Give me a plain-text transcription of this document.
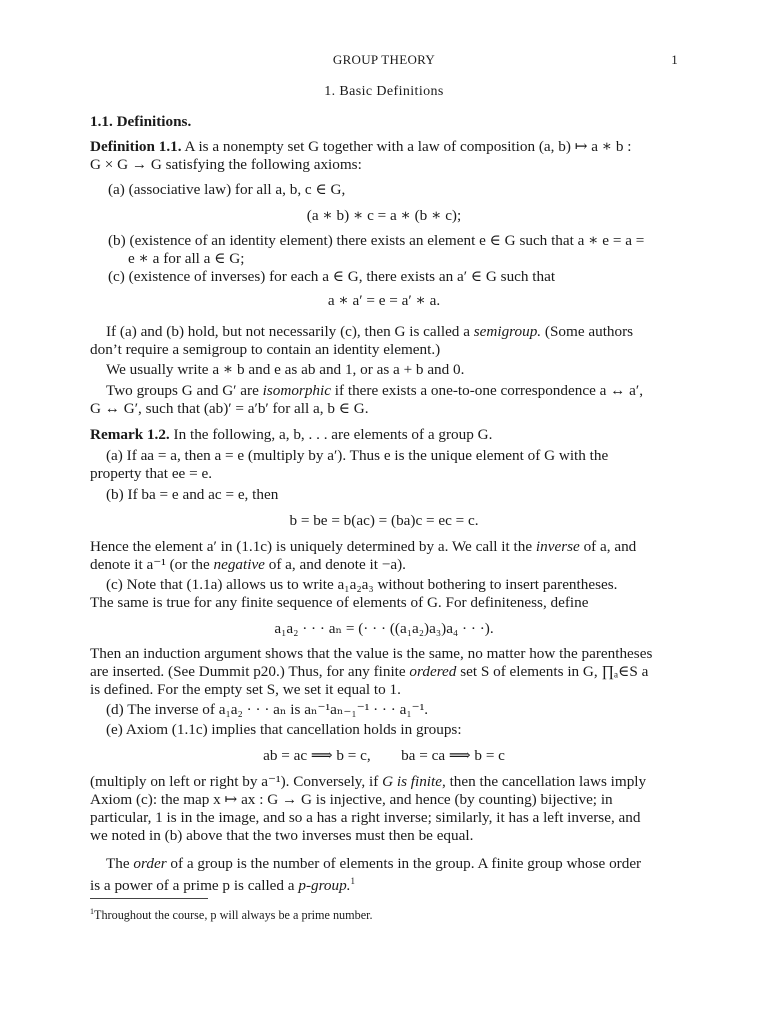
GROUP THEORY	1
1. Basic Definitions
1.1. Definitions.
Definition 1.1. A is a nonempty set G together with a law of composition (a, b) ↦ a ∗ b :
G × G → G satisfying the following axioms:
(a) (associative law) for all a, b, c ∈ G,
(a ∗ b) ∗ c = a ∗ (b ∗ c);
(b) (existence of an identity element) there exists an element e ∈ G such that a ∗ e = a =
e ∗ a for all a ∈ G;
(c) (existence of inverses) for each a ∈ G, there exists an a′ ∈ G such that
a ∗ a′ = e = a′ ∗ a.
If (a) and (b) hold, but not necessarily (c), then G is called a semigroup. (Some authors
don’t require a semigroup to contain an identity element.)
We usually write a ∗ b and e as ab and 1, or as a + b and 0.
Two groups G and G′ are isomorphic if there exists a one-to-one correspondence a ↔ a′,
G ↔ G′, such that (ab)′ = a′b′ for all a, b ∈ G.
Remark 1.2. In the following, a, b, . . . are elements of a group G.
(a) If aa = a, then a = e (multiply by a′). Thus e is the unique element of G with the
property that ee = e.
(b) If ba = e and ac = e, then
b = be = b(ac) = (ba)c = ec = c.
Hence the element a′ in (1.1c) is uniquely determined by a. We call it the inverse of a, and
denote it a⁻¹ (or the negative of a, and denote it −a).
(c) Note that (1.1a) allows us to write a₁a₂a₃ without bothering to insert parentheses.
The same is true for any finite sequence of elements of G. For definiteness, define
a₁a₂ · · · aₙ = (· · · ((a₁a₂)a₃)a₄ · · ·).
Then an induction argument shows that the value is the same, no matter how the parentheses
are inserted. (See Dummit p20.) Thus, for any finite ordered set S of elements in G, ∏ₐ∈S a
is defined. For the empty set S, we set it equal to 1.
(d) The inverse of a₁a₂ · · · aₙ is aₙ⁻¹aₙ₋₁⁻¹ · · · a₁⁻¹.
(e) Axiom (1.1c) implies that cancellation holds in groups:
ab = ac ⟹ b = c,        ba = ca ⟹ b = c
(multiply on left or right by a⁻¹). Conversely, if G is finite, then the cancellation laws imply
Axiom (c): the map x ↦ ax : G → G is injective, and hence (by counting) bijective; in
particular, 1 is in the image, and so a has a right inverse; similarly, it has a left inverse, and
we noted in (b) above that the two inverses must then be equal.
The order of a group is the number of elements in the group. A finite group whose order
is a power of a prime p is called a p-group.$^1$
$^1$Throughout the course, p will always be a prime number.
